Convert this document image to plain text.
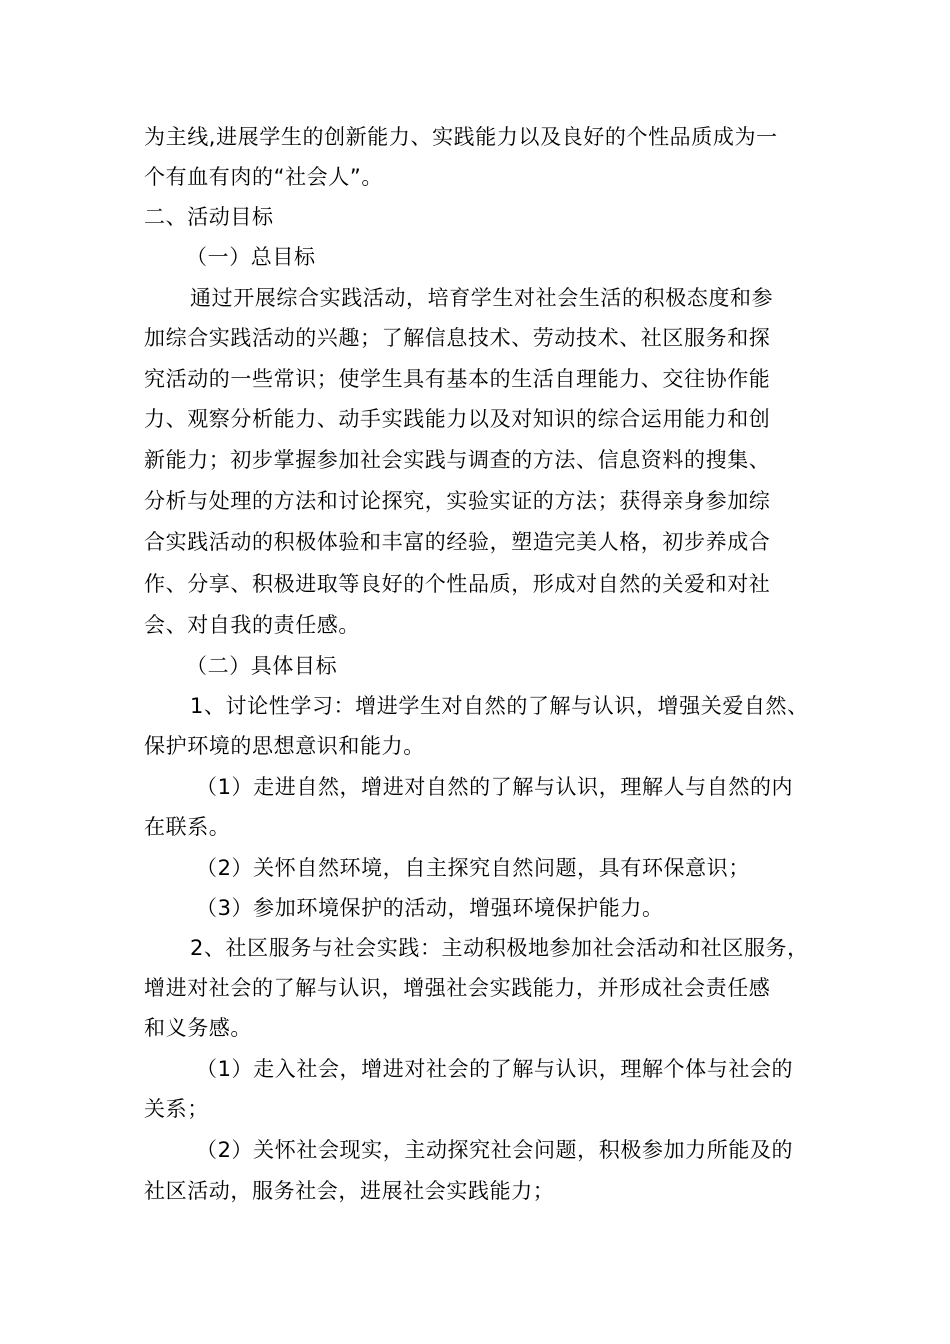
为主线,进展学生的创新能力、实践能力以及良好的个性品质成为一
个有血有肉的“社会人”。
二、活动目标
（一）总目标
通过开展综合实践活动，培育学生对社会生活的积极态度和参
加综合实践活动的兴趣；了解信息技术、劳动技术、社区服务和探
究活动的一些常识；使学生具有基本的生活自理能力、交往协作能
力、观察分析能力、动手实践能力以及对知识的综合运用能力和创
新能力；初步掌握参加社会实践与调查的方法、信息资料的搜集、
分析与处理的方法和讨论探究，实验实证的方法；获得亲身参加综
合实践活动的积极体验和丰富的经验，塑造完美人格，初步养成合
作、分享、积极进取等良好的个性品质，形成对自然的关爱和对社
会、对自我的责任感。
（二）具体目标
1、讨论性学习：增进学生对自然的了解与认识，增强关爱自然、
保护环境的思想意识和能力。
（1）走进自然，增进对自然的了解与认识，理解人与自然的内
在联系。
（2）关怀自然环境，自主探究自然问题，具有环保意识；
（3）参加环境保护的活动，增强环境保护能力。
2、社区服务与社会实践：主动积极地参加社会活动和社区服务，
增进对社会的了解与认识，增强社会实践能力，并形成社会责任感
和义务感。
（1）走入社会，增进对社会的了解与认识，理解个体与社会的
关系；
（2）关怀社会现实，主动探究社会问题，积极参加力所能及的
社区活动，服务社会，进展社会实践能力；
